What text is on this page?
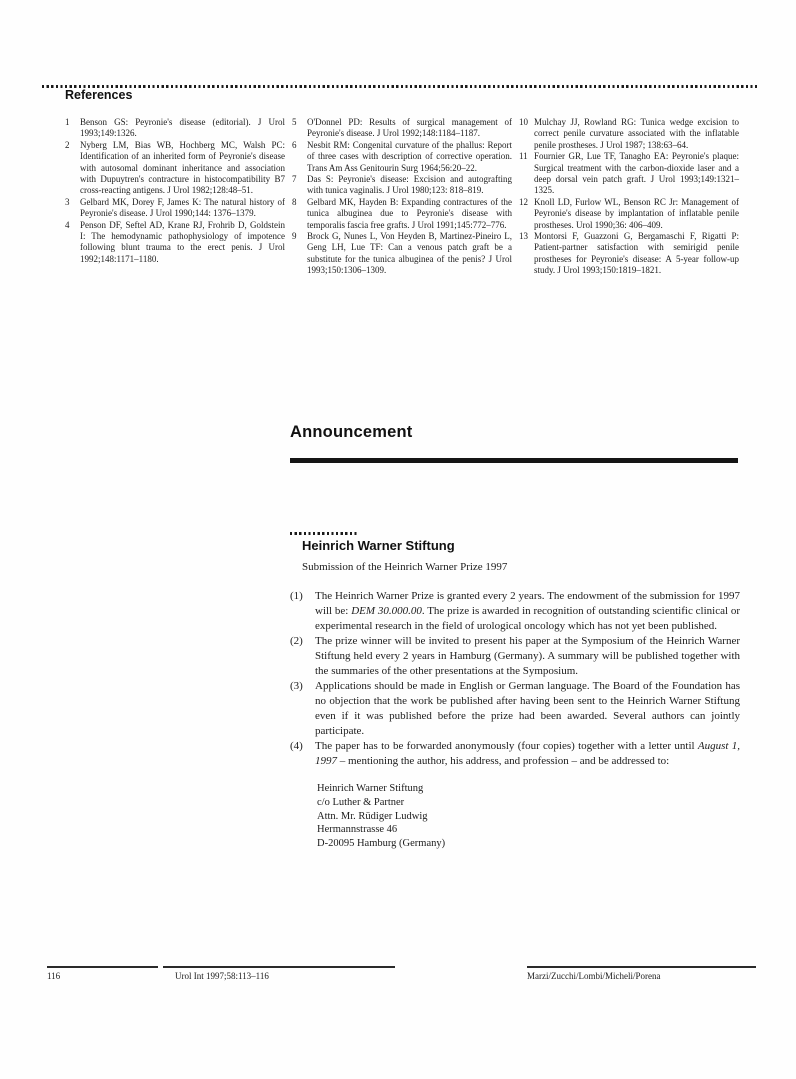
References
1	Benson GS: Peyronie's disease (editorial). J Urol 1993;149:1326.
2	Nyberg LM, Bias WB, Hochberg MC, Walsh PC: Identification of an inherited form of Peyronie's disease with autosomal dominant inheritance and association with Dupuytren's contracture in histocompatibility B7 cross-reacting antigens. J Urol 1982;128:48–51.
3	Gelbard MK, Dorey F, James K: The natural history of Peyronie's disease. J Urol 1990;144: 1376–1379.
4	Penson DF, Seftel AD, Krane RJ, Frohrib D, Goldstein I: The hemodynamic pathophysiology of impotence following blunt trauma to the erect penis. J Urol 1992;148:1171–1180.
5	O'Donnel PD: Results of surgical management of Peyronie's disease. J Urol 1992;148:1184–1187.
6	Nesbit RM: Congenital curvature of the phallus: Report of three cases with description of corrective operation. Trans Am Ass Genitourin Surg 1964;56:20–22.
7	Das S: Peyronie's disease: Excision and autografting with tunica vaginalis. J Urol 1980;123: 818–819.
8	Gelbard MK, Hayden B: Expanding contractures of the tunica albuginea due to Peyronie's disease with temporalis fascia free grafts. J Urol 1991;145:772–776.
9	Brock G, Nunes L, Von Heyden B, Martinez-Pineiro L, Geng LH, Lue TF: Can a venous patch graft be a substitute for the tunica albuginea of the penis? J Urol 1993;150:1306–1309.
10 Mulchay JJ, Rowland RG: Tunica wedge excision to correct penile curvature associated with the inflatable penile prostheses. J Urol 1987; 138:63–64.
11 Fournier GR, Lue TF, Tanagho EA: Peyronie's plaque: Surgical treatment with the carbon-dioxide laser and a deep dorsal vein patch graft. J Urol 1993;149:1321–1325.
12 Knoll LD, Furlow WL, Benson RC Jr: Management of Peyronie's disease by implantation of inflatable penile prostheses. Urol 1990;36: 406–409.
13 Montorsi F, Guazzoni G, Bergamaschi F, Rigatti P: Patient-partner satisfaction with semirigid penile prostheses for Peyronie's disease: A 5-year follow-up study. J Urol 1993;150:1819–1821.
Announcement
Heinrich Warner Stiftung
Submission of the Heinrich Warner Prize 1997
(1)	The Heinrich Warner Prize is granted every 2 years. The endowment of the submission for 1997 will be: DEM 30.000.00. The prize is awarded in recognition of outstanding scientific clinical or experimental research in the field of urological oncology which has not yet been published.
(2)	The prize winner will be invited to present his paper at the Symposium of the Heinrich Warner Stiftung held every 2 years in Hamburg (Germany). A summary will be published together with the summaries of the other presentations at the Symposium.
(3)	Applications should be made in English or German language. The Board of the Foundation has no objection that the work be published after having been sent to the Heinrich Warner Stiftung even if it was published before the prize had been awarded. Several authors can jointly participate.
(4)	The paper has to be forwarded anonymously (four copies) together with a letter until August 1, 1997 – mentioning the author, his address, and profession – and be addressed to:
Heinrich Warner Stiftung
c/o Luther & Partner
Attn. Mr. Rüdiger Ludwig
Hermannstrasse 46
D-20095 Hamburg (Germany)
116	Urol Int 1997;58:113–116	Marzi/Zucchi/Lombi/Micheli/Porena
